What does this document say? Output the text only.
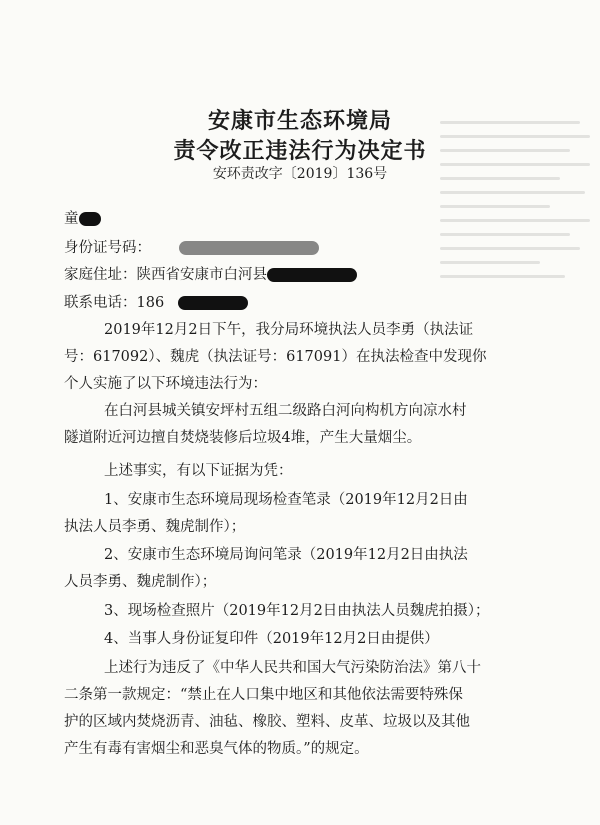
安康市生态环境局
责令改正违法行为决定书
安环责改字〔2019〕136号
童
身份证号码：
家庭住址：陕西省安康市白河县
联系电话：186
2019年12月2日下午，我分局环境执法人员李勇（执法证
号：617092）、魏虎（执法证号：617091）在执法检查中发现你
个人实施了以下环境违法行为：
在白河县城关镇安坪村五组二级路白河向构机方向凉水村
隧道附近河边擅自焚烧装修后垃圾4堆，产生大量烟尘。
上述事实，有以下证据为凭：
1、安康市生态环境局现场检查笔录（2019年12月2日由
执法人员李勇、魏虎制作）；
2、安康市生态环境局询问笔录（2019年12月2日由执法
人员李勇、魏虎制作）；
3、现场检查照片（2019年12月2日由执法人员魏虎拍摄）；
4、当事人身份证复印件（2019年12月2日由提供）
上述行为违反了《中华人民共和国大气污染防治法》第八十
二条第一款规定：“禁止在人口集中地区和其他依法需要特殊保
护的区域内焚烧沥青、油毡、橡胶、塑料、皮革、垃圾以及其他
产生有毒有害烟尘和恶臭气体的物质。”的规定。
